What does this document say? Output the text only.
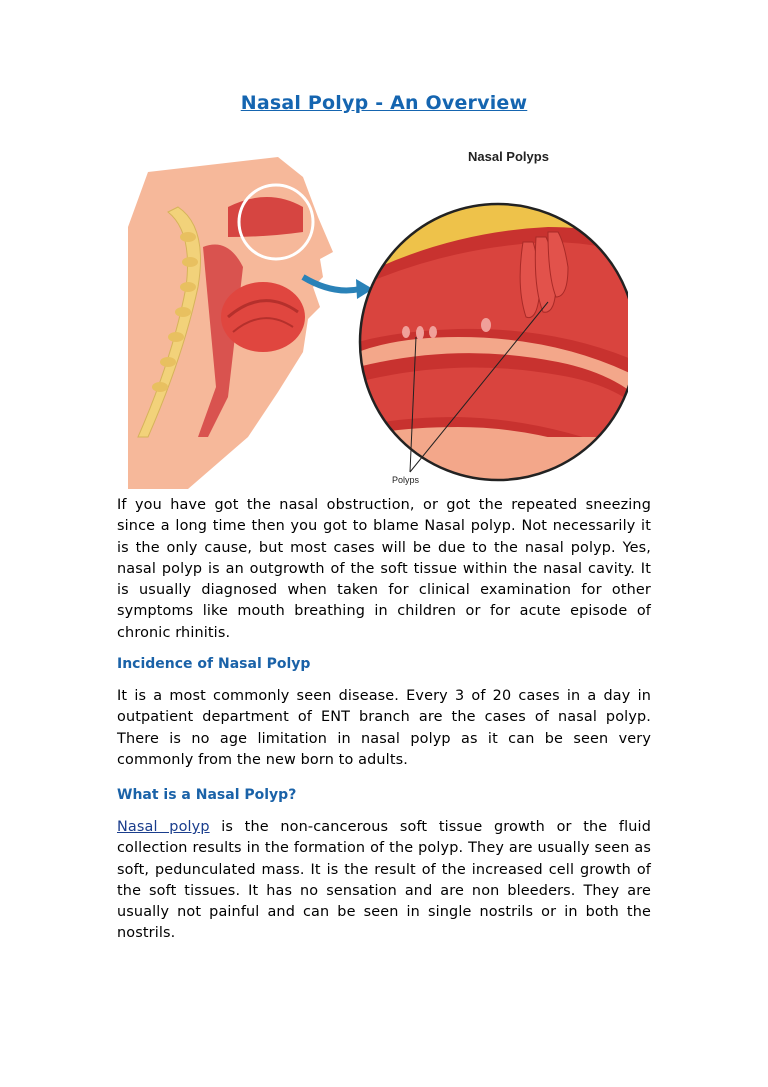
Nasal Polyp - An Overview
Nasal Polyps
Polyps
If you have got the nasal obstruction, or got the repeated sneezing since a long time then you got to blame Nasal polyp. Not necessarily it is the only cause, but most cases will be due to the nasal polyp. Yes, nasal polyp is an outgrowth of the soft tissue within the nasal cavity. It is usually diagnosed when taken for clinical examination for other symptoms like mouth breathing in children or for acute episode of chronic rhinitis.
Incidence of Nasal Polyp
It is a most commonly seen disease. Every 3 of 20 cases in a day in outpatient department of ENT branch are the cases of nasal polyp. There is no age limitation in nasal polyp as it can be seen very commonly from the new born to adults.
What is a Nasal Polyp?
Nasal polyp is the non-cancerous soft tissue growth or the fluid collection results in the formation of the polyp. They are usually seen as soft, pedunculated mass. It is the result of the increased cell growth of the soft tissues. It has no sensation and are non bleeders. They are usually not painful and can be seen in single nostrils or in both the nostrils.
